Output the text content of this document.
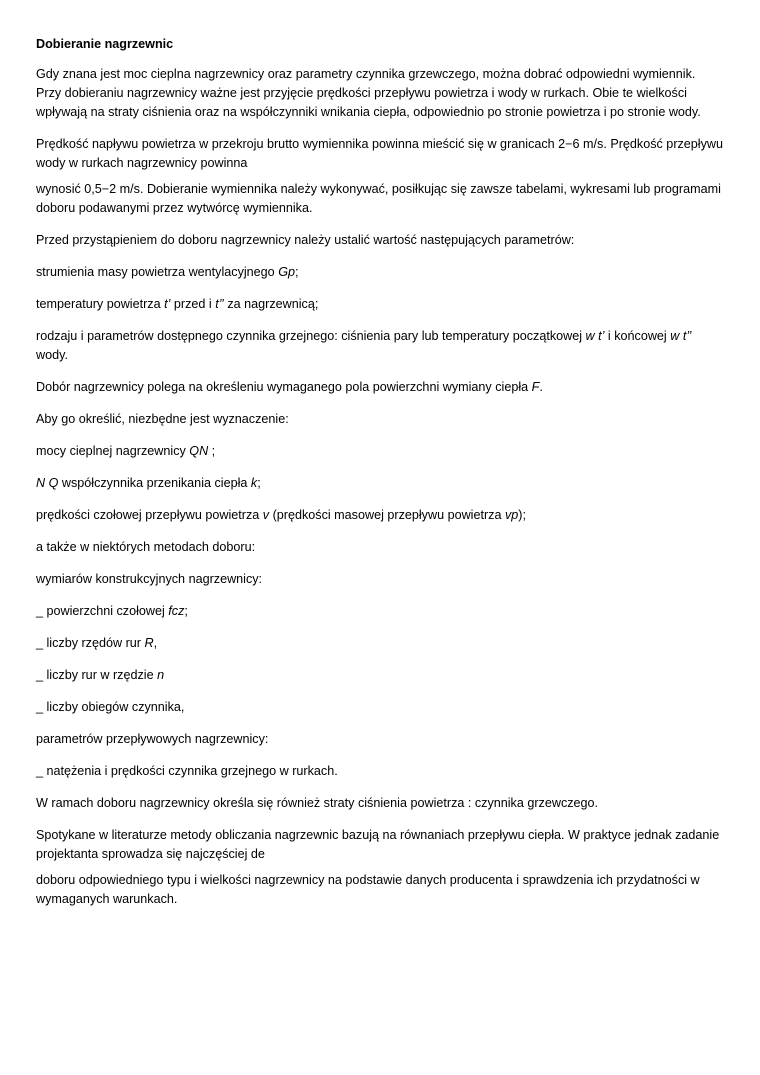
Dobieranie nagrzewnic

Gdy znana jest moc cieplna nagrzewnicy oraz parametry czynnika grzewczego, można dobrać odpowiedni wymiennik. Przy dobieraniu nagrzewnicy ważne jest przyjęcie prędkości przepływu powietrza i wody w rurkach. Obie te wielkości wpływają na straty ciśnienia oraz na współczynniki wnikania ciepła, odpowiednio po stronie powietrza i po stronie wody.

Prędkość napływu powietrza w przekroju brutto wymiennika powinna mieścić się w granicach 2−6 m/s. Prędkość przepływu wody w rurkach nagrzewnicy powinna

wynosić 0,5−2 m/s. Dobieranie wymiennika należy wykonywać, posiłkując się zawsze tabelami, wykresami lub programami doboru podawanymi przez wytwórcę wymiennika.

Przed przystąpieniem do doboru nagrzewnicy należy ustalić wartość następujących parametrów:

strumienia masy powietrza wentylacyjnego Gp;

temperatury powietrza t’ przed i t’’ za nagrzewnicą;

rodzaju i parametrów dostępnego czynnika grzejnego: ciśnienia pary lub temperatury początkowej w t’ i końcowej w t’’ wody.

Dobór nagrzewnicy polega na określeniu wymaganego pola powierzchni wymiany ciepła F.

Aby go określić, niezbędne jest wyznaczenie:

mocy cieplnej nagrzewnicy QN ;

N Q współczynnika przenikania ciepła k;

prędkości czołowej przepływu powietrza v (prędkości masowej przepływu powietrza vp);

a także w niektórych metodach doboru:

wymiarów konstrukcyjnych nagrzewnicy:

_ powierzchni czołowej fcz;

_ liczby rzędów rur R,

_ liczby rur w rzędzie n

_ liczby obiegów czynnika,

parametrów przepływowych nagrzewnicy:

_ natężenia i prędkości czynnika grzejnego w rurkach.

W ramach doboru nagrzewnicy określa się również straty ciśnienia powietrza : czynnika grzewczego.

Spotykane w literaturze metody obliczania nagrzewnic bazują na równaniach przepływu ciepła. W praktyce jednak zadanie projektanta sprowadza się najczęściej de

doboru odpowiedniego typu i wielkości nagrzewnicy na podstawie danych producenta i sprawdzenia ich przydatności w wymaganych warunkach.
